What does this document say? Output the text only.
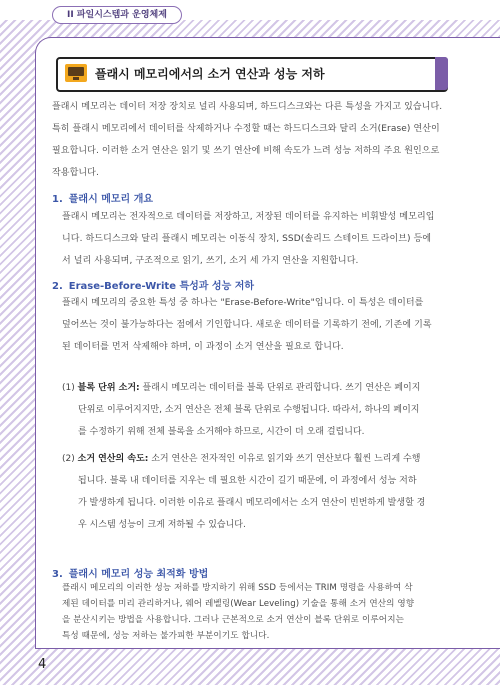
II 파일시스템과 운영체제
플래시 메모리에서의 소거 연산과 성능 저하

플래시 메모리는 데이터 저장 장치로 널리 사용되며, 하드디스크와는 다른 특성을 가지고 있습니다.

특히 플래시 메모리에서 데이터를 삭제하거나 수정할 때는 하드디스크와 달리 소거(Erase) 연산이

필요합니다. 이러한 소거 연산은 읽기 및 쓰기 연산에 비해 속도가 느려 성능 저하의 주요 원인으로

작용합니다.

1. 플래시 메모리 개요

플래시 메모리는 전자적으로 데이터를 저장하고, 저장된 데이터를 유지하는 비휘발성 메모리입

니다. 하드디스크와 달리 플래시 메모리는 이동식 장치, SSD(솔리드 스테이트 드라이브) 등에

서 널리 사용되며, 구조적으로 읽기, 쓰기, 소거 세 가지 연산을 지원합니다.

2. Erase-Before-Write 특성과 성능 저하

플래시 메모리의 중요한 특성 중 하나는 "Erase-Before-Write"입니다. 이 특성은 데이터를

덮어쓰는 것이 불가능하다는 점에서 기인합니다. 새로운 데이터를 기록하기 전에, 기존에 기록

된 데이터를 먼저 삭제해야 하며, 이 과정이 소거 연산을 필요로 합니다.

(1) 블록 단위 소거: 플래시 메모리는 데이터를 블록 단위로 관리합니다. 쓰기 연산은 페이지
단위로 이루어지지만, 소거 연산은 전체 블록 단위로 수행됩니다. 따라서, 하나의 페이지
를 수정하기 위해 전체 블록을 소거해야 하므로, 시간이 더 오래 걸립니다.
(2) 소거 연산의 속도: 소거 연산은 전자적인 이유로 읽기와 쓰기 연산보다 훨씬 느리게 수행
됩니다. 블록 내 데이터를 지우는 데 필요한 시간이 길기 때문에, 이 과정에서 성능 저하
가 발생하게 됩니다. 이러한 이유로 플래시 메모리에서는 소거 연산이 빈번하게 발생할 경
우 시스템 성능이 크게 저하될 수 있습니다.
3. 플래시 메모리 성능 최적화 방법

플래시 메모리의 이러한 성능 저하를 방지하기 위해 SSD 등에서는 TRIM 명령을 사용하여 삭

제된 데이터를 미리 관리하거나, 웨어 레벨링(Wear Leveling) 기술을 통해 소거 연산의 영향

을 분산시키는 방법을 사용합니다. 그러나 근본적으로 소거 연산이 블록 단위로 이루어지는

특성 때문에, 성능 저하는 불가피한 부분이기도 합니다.

4
